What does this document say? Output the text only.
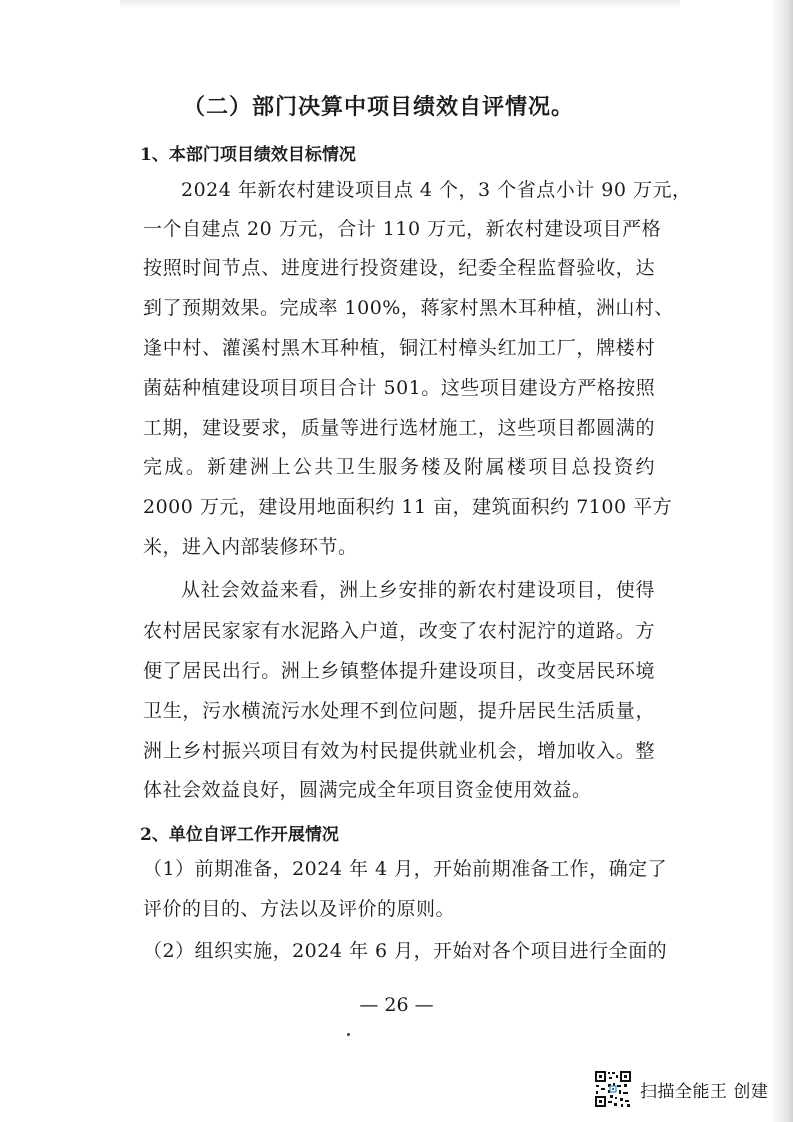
（二）部门决算中项目绩效自评情况。
1、本部门项目绩效目标情况
2024 年新农村建设项目点 4 个，3 个省点小计 90 万元，
一个自建点 20 万元，合计 110 万元，新农村建设项目严格
按照时间节点、进度进行投资建设，纪委全程监督验收，达
到了预期效果。完成率 100%，蒋家村黑木耳种植，洲山村、
逢中村、灌溪村黑木耳种植，铜江村樟头红加工厂，牌楼村
菌菇种植建设项目项目合计 501。这些项目建设方严格按照
工期，建设要求，质量等进行选材施工，这些项目都圆满的
完成。新建洲上公共卫生服务楼及附属楼项目总投资约
2000 万元，建设用地面积约 11 亩，建筑面积约 7100 平方
米，进入内部装修环节。
从社会效益来看，洲上乡安排的新农村建设项目，使得
农村居民家家有水泥路入户道，改变了农村泥泞的道路。方
便了居民出行。洲上乡镇整体提升建设项目，改变居民环境
卫生，污水横流污水处理不到位问题，提升居民生活质量，
洲上乡村振兴项目有效为村民提供就业机会，增加收入。整
体社会效益良好，圆满完成全年项目资金使用效益。
2、单位自评工作开展情况
（1）前期准备，2024 年 4 月，开始前期准备工作，确定了
评价的目的、方法以及评价的原则。
（2）组织实施，2024 年 6 月，开始对各个项目进行全面的
— 26 —
扫描全能王 创建
